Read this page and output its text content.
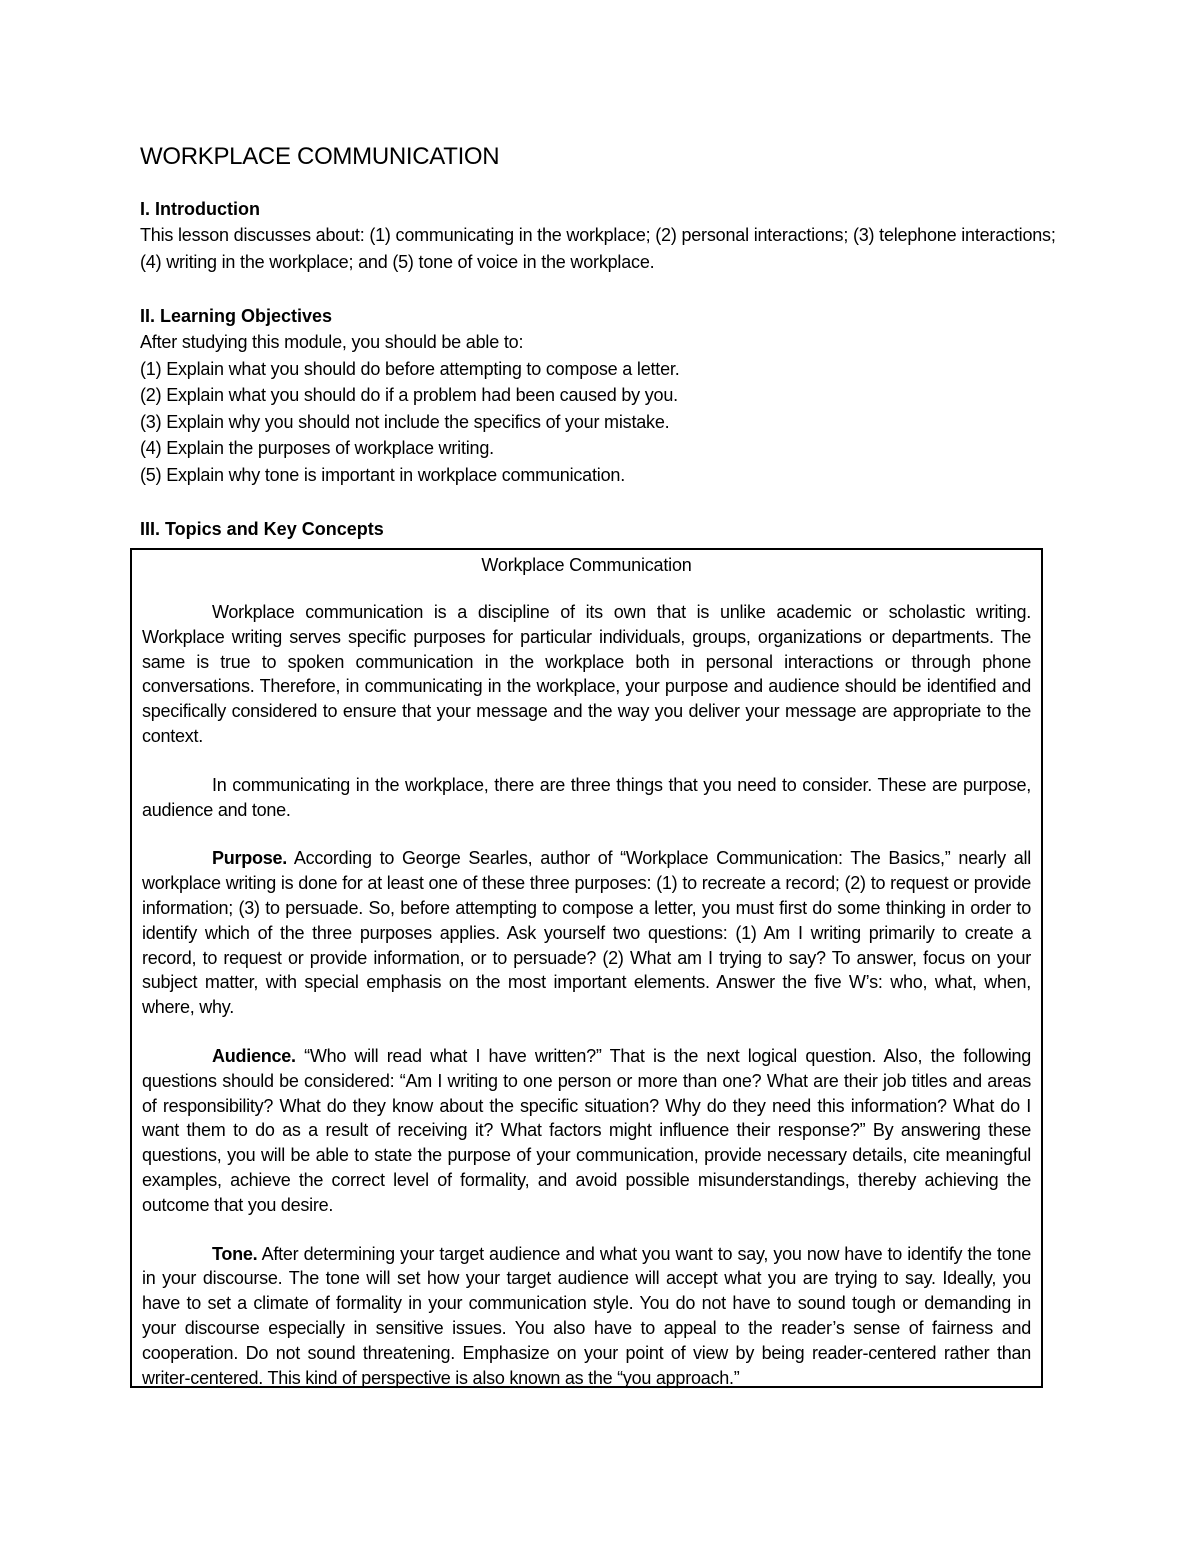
WORKPLACE COMMUNICATION

I. Introduction

This lesson discusses about: (1) communicating in the workplace; (2) personal interactions; (3) telephone interactions; (4) writing in the workplace; and (5) tone of voice in the workplace.

II. Learning Objectives

After studying this module, you should be able to:

(1) Explain what you should do before attempting to compose a letter.
(2) Explain what you should do if a problem had been caused by you.
(3) Explain why you should not include the specifics of your mistake.
(4) Explain the purposes of workplace writing.
(5) Explain why tone is important in workplace communication.

III. Topics and Key Concepts

Workplace Communication

Workplace communication is a discipline of its own that is unlike academic or scholastic writing. Workplace writing serves specific purposes for particular individuals, groups, organizations or departments. The same is true to spoken communication in the workplace both in personal interactions or through phone conversations. Therefore, in communicating in the workplace, your purpose and audience should be identified and specifically considered to ensure that your message and the way you deliver your message are appropriate to the context.

In communicating in the workplace, there are three things that you need to consider. These are purpose, audience and tone.

Purpose. According to George Searles, author of “Workplace Communication: The Basics,” nearly all workplace writing is done for at least one of these three purposes: (1) to recreate a record; (2) to request or provide information; (3) to persuade. So, before attempting to compose a letter, you must first do some thinking in order to identify which of the three purposes applies. Ask yourself two questions: (1) Am I writing primarily to create a record, to request or provide information, or to persuade? (2) What am I trying to say? To answer, focus on your subject matter, with special emphasis on the most important elements. Answer the five W’s: who, what, when, where, why.

Audience. “Who will read what I have written?” That is the next logical question. Also, the following questions should be considered: “Am I writing to one person or more than one? What are their job titles and areas of responsibility? What do they know about the specific situation? Why do they need this information? What do I want them to do as a result of receiving it? What factors might influence their response?” By answering these questions, you will be able to state the purpose of your communication, provide necessary details, cite meaningful examples, achieve the correct level of formality, and avoid possible misunderstandings, thereby achieving the outcome that you desire.

Tone. After determining your target audience and what you want to say, you now have to identify the tone in your discourse. The tone will set how your target audience will accept what you are trying to say. Ideally, you have to set a climate of formality in your communication style. You do not have to sound tough or demanding in your discourse especially in sensitive issues. You also have to appeal to the reader’s sense of fairness and cooperation. Do not sound threatening. Emphasize on your point of view by being reader-centered rather than writer-centered. This kind of perspective is also known as the “you approach.”
